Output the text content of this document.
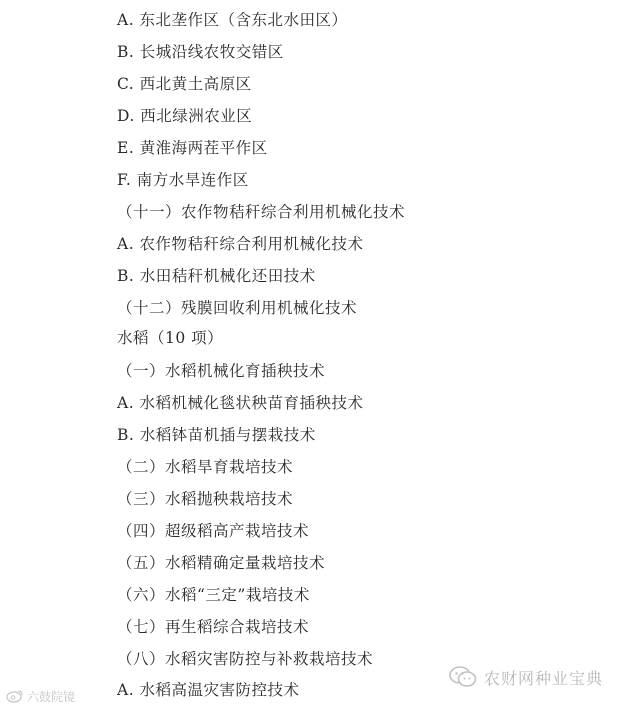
A. 东北垄作区（含东北水田区）
B. 长城沿线农牧交错区
C. 西北黄土高原区
D. 西北绿洲农业区
E. 黄淮海两茬平作区
F. 南方水旱连作区
（十一）农作物秸秆综合利用机械化技术
A. 农作物秸秆综合利用机械化技术
B. 水田秸秆机械化还田技术
（十二）残膜回收利用机械化技术
水稻（10 项）
（一）水稻机械化育插秧技术
A. 水稻机械化毯状秧苗育插秧技术
B. 水稻钵苗机插与摆栽技术
（二）水稻旱育栽培技术
（三）水稻抛秧栽培技术
（四）超级稻高产栽培技术
（五）水稻精确定量栽培技术
（六）水稻“三定”栽培技术
（七）再生稻综合栽培技术
（八）水稻灾害防控与补救栽培技术
A. 水稻高温灾害防控技术
农财网种业宝典
六鼓院镜
